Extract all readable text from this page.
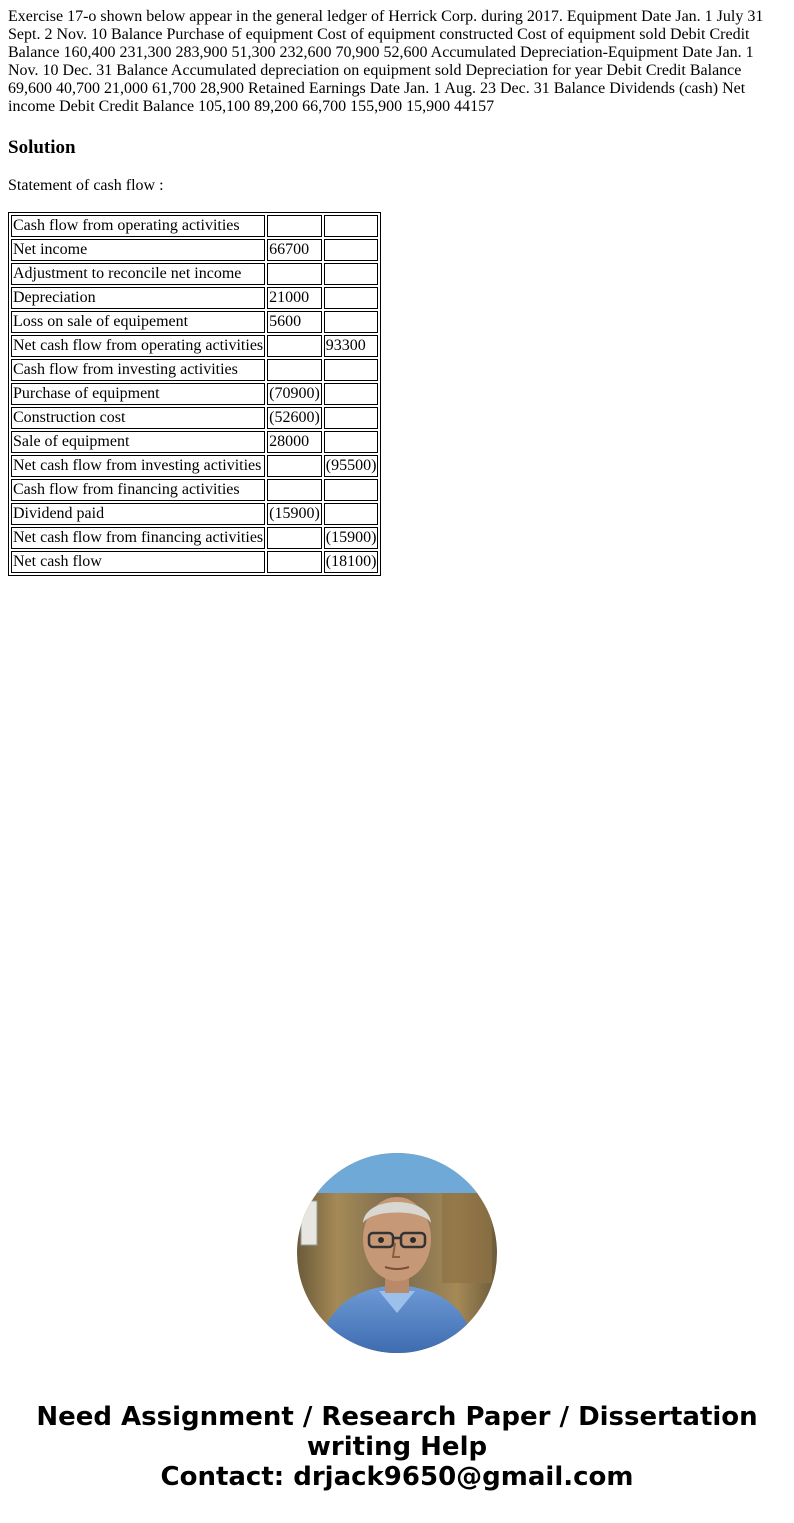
Exercise 17-o shown below appear in the general ledger of Herrick Corp. during 2017. Equipment Date Jan. 1 July 31 Sept. 2 Nov. 10 Balance Purchase of equipment Cost of equipment constructed Cost of equipment sold Debit Credit Balance 160,400 231,300 283,900 51,300 232,600 70,900 52,600 Accumulated Depreciation-Equipment Date Jan. 1 Nov. 10 Dec. 31 Balance Accumulated depreciation on equipment sold Depreciation for year Debit Credit Balance 69,600 40,700 21,000 61,700 28,900 Retained Earnings Date Jan. 1 Aug. 23 Dec. 31 Balance Dividends (cash) Net income Debit Credit Balance 105,100 89,200 66,700 155,900 15,900 44157

Solution

Statement of cash flow :

Cash flow from operating activities		
Net income	66700	
Adjustment to reconcile net income		
Depreciation	21000	
Loss on sale of equipement	5600	
Net cash flow from operating activities		93300
Cash flow from investing activities		
Purchase of equipment	(70900)	
Construction cost	(52600)	
Sale of equipment	28000	
Net cash flow from investing activities		(95500)
Cash flow from financing activities		
Dividend paid	(15900)	
Net cash flow from financing activities		(15900)
Net cash flow		(18100)
Need Assignment / Research Paper / Dissertation
writing Help
Contact: drjack9650@gmail.com
